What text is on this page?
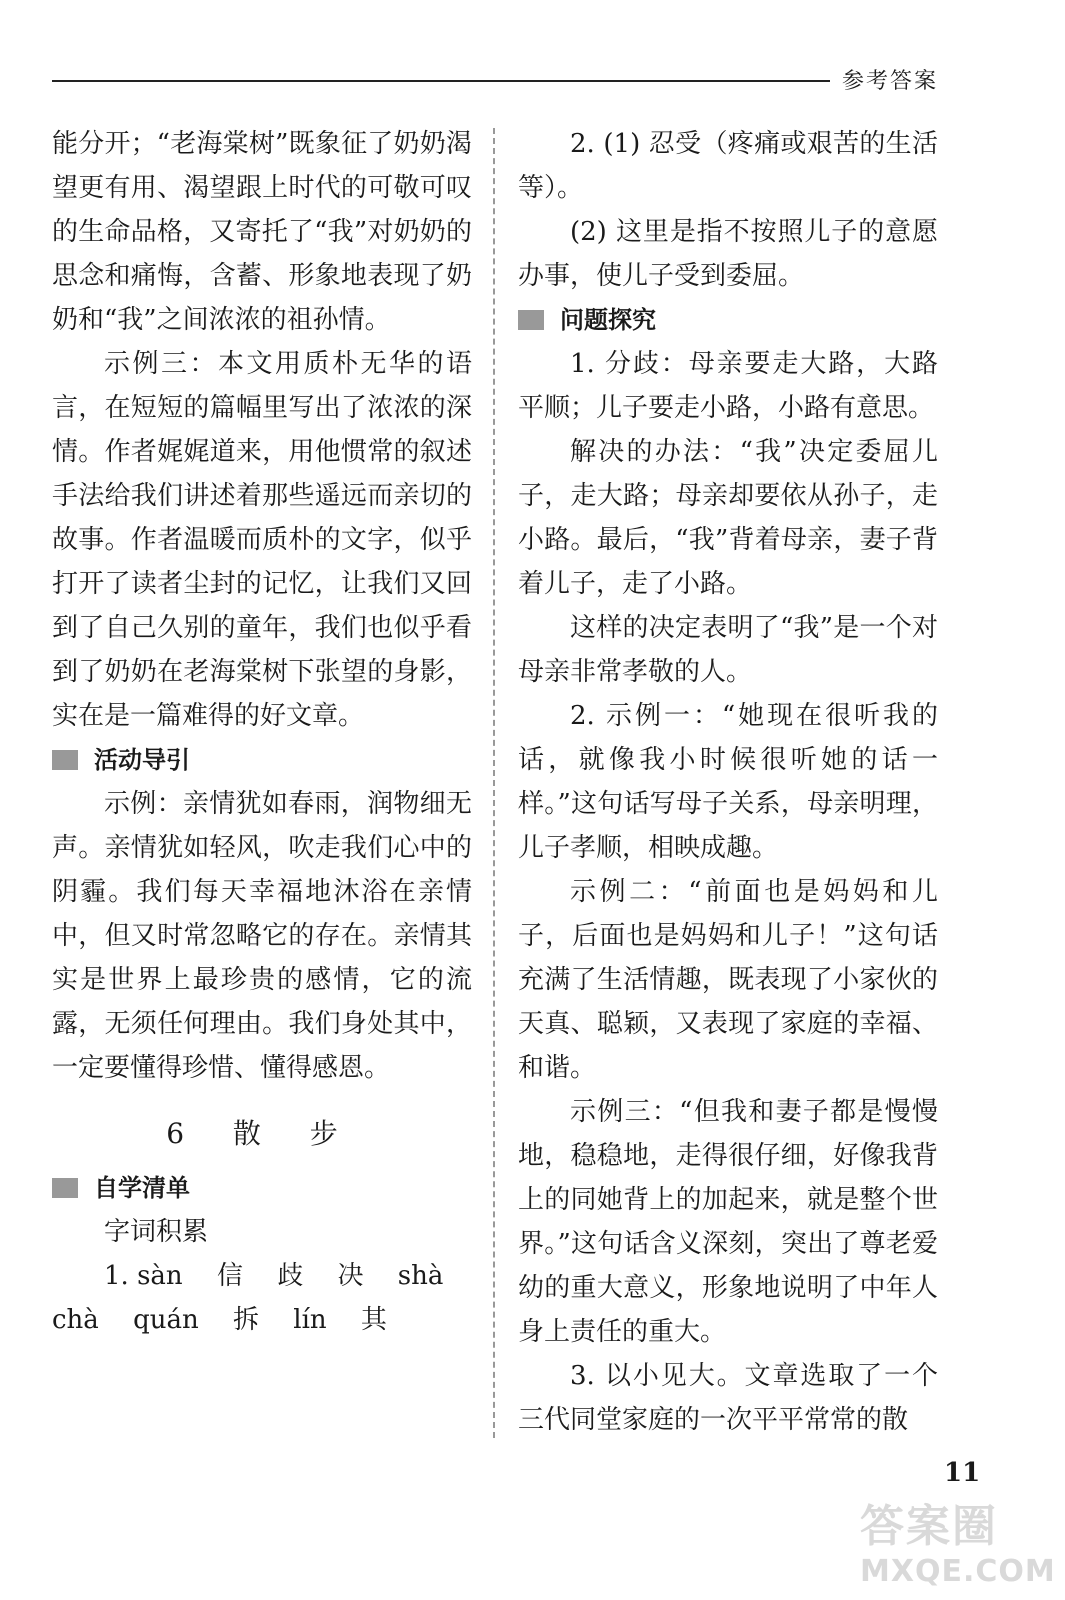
参考答案

能分开；“老海棠树”既象征了奶奶渴望更有用、渴望跟上时代的可敬可叹的生命品格，又寄托了“我”对奶奶的思念和痛悔，含蓄、形象地表现了奶奶和“我”之间浓浓的祖孙情。

示例三：本文用质朴无华的语言，在短短的篇幅里写出了浓浓的深情。作者娓娓道来，用他惯常的叙述手法给我们讲述着那些遥远而亲切的故事。作者温暖而质朴的文字，似乎打开了读者尘封的记忆，让我们又回到了自己久别的童年，我们也似乎看到了奶奶在老海棠树下张望的身影，实在是一篇难得的好文章。

活动导引

示例：亲情犹如春雨，润物细无声。亲情犹如轻风，吹走我们心中的阴霾。我们每天幸福地沐浴在亲情中，但又时常忽略它的存在。亲情其实是世界上最珍贵的感情，它的流露，无须任何理由。我们身处其中，一定要懂得珍惜、懂得感恩。

6 散 步

自学清单

字词积累

1. sàn 信 歧 决 shà

chà quán 拆 lín 其

2. (1) 忍受（疼痛或艰苦的生活等）。

(2) 这里是指不按照儿子的意愿办事，使儿子受到委屈。

问题探究

1. 分歧：母亲要走大路，大路平顺；儿子要走小路，小路有意思。

解决的办法：“我”决定委屈儿子，走大路；母亲却要依从孙子，走小路。最后，“我”背着母亲，妻子背着儿子，走了小路。

这样的决定表明了“我”是一个对母亲非常孝敬的人。

2. 示例一：“她现在很听我的话，就像我小时候很听她的话一样。”这句话写母子关系，母亲明理，儿子孝顺，相映成趣。

示例二：“前面也是妈妈和儿子，后面也是妈妈和儿子！”这句话充满了生活情趣，既表现了小家伙的天真、聪颖，又表现了家庭的幸福、和谐。

示例三：“但我和妻子都是慢慢地，稳稳地，走得很仔细，好像我背上的同她背上的加起来，就是整个世界。”这句话含义深刻，突出了尊老爱幼的重大意义，形象地说明了中年人身上责任的重大。

3. 以小见大。文章选取了一个三代同堂家庭的一次平平常常的散

11
答案圈
MXQE.COM
